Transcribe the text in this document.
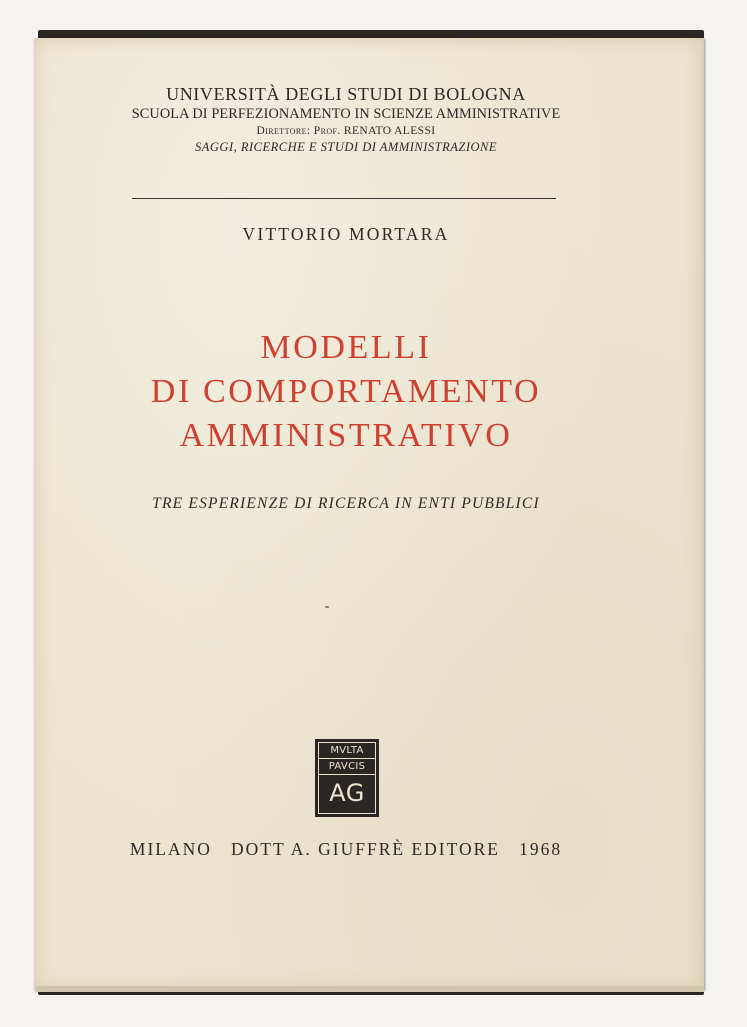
UNIVERSITÀ DEGLI STUDI DI BOLOGNA
SCUOLA DI PERFEZIONAMENTO IN SCIENZE AMMINISTRATIVE
Direttore: Prof. RENATO ALESSI
SAGGI, RICERCHE E STUDI DI AMMINISTRAZIONE
VITTORIO MORTARA
MODELLI
DI COMPORTAMENTO
AMMINISTRATIVO
TRE ESPERIENZE DI RICERCA IN ENTI PUBBLICI
MVLTA
PAVCIS
AG
MILANO   DOTT A. GIUFFRÈ EDITORE   1968
